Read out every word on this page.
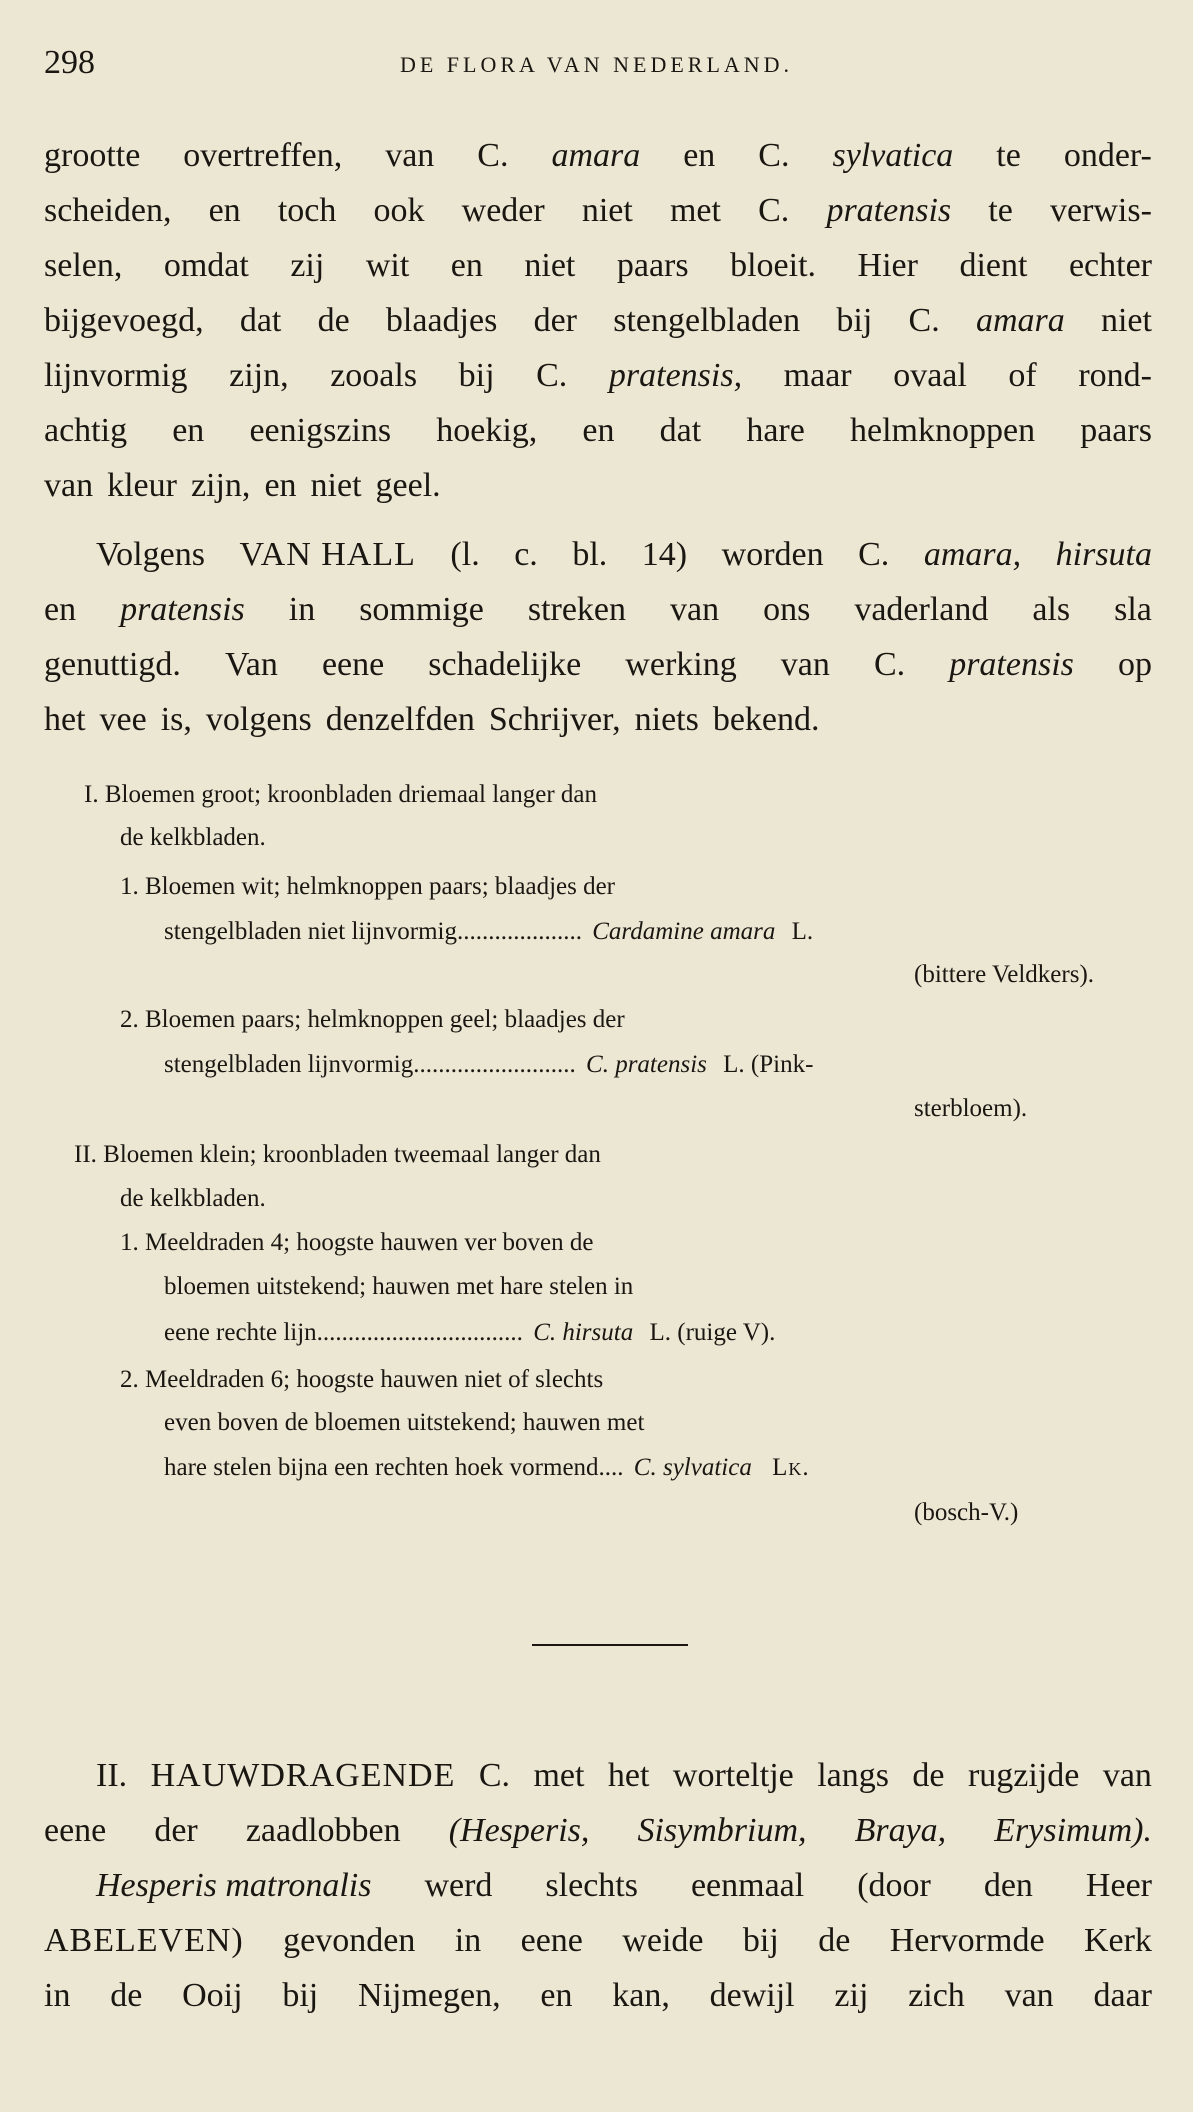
298	DE FLORA VAN NEDERLAND.
grootte overtreffen, van C. amara en C. sylvatica te onder-
scheiden, en toch ook weder niet met C. pratensis te verwis-
selen, omdat zij wit en niet paars bloeit. Hier dient echter
bijgevoegd, dat de blaadjes der stengelbladen bij C. amara niet
lijnvormig zijn, zooals bij C. pratensis, maar ovaal of rond-
achtig en eenigszins hoekig, en dat hare helmknoppen paars
van kleur zijn, en niet geel.
Volgens VAN HALL (l. c. bl. 14) worden C. amara, hirsuta
en pratensis in sommige streken van ons vaderland als sla
genuttigd. Van eene schadelijke werking van C. pratensis op
het vee is, volgens denzelfden Schrijver, niets bekend.
I. Bloemen groot; kroonbladen driemaal langer dan
de kelkbladen.
1. Bloemen wit; helmknoppen paars; blaadjes der
stengelbladen niet lijnvormig.................... Cardamine amara L.
(bittere Veldkers).
2. Bloemen paars; helmknoppen geel; blaadjes der
stengelbladen lijnvormig.......................... C. pratensis L. (Pink-
sterbloem).
II. Bloemen klein; kroonbladen tweemaal langer dan
de kelkbladen.
1. Meeldraden 4; hoogste hauwen ver boven de
bloemen uitstekend; hauwen met hare stelen in
eene rechte lijn................................. C. hirsuta L. (ruige V).
2. Meeldraden 6; hoogste hauwen niet of slechts
even boven de bloemen uitstekend; hauwen met
hare stelen bijna een rechten hoek vormend.... C. sylvatica Lk.
(bosch-V.)
II. HAUWDRAGENDE C. met het worteltje langs de rugzijde van
eene der zaadlobben (Hesperis, Sisymbrium, Braya, Erysimum).
Hesperis matronalis werd slechts eenmaal (door den Heer
ABELEVEN) gevonden in eene weide bij de Hervormde Kerk
in de Ooij bij Nijmegen, en kan, dewijl zij zich van daar
